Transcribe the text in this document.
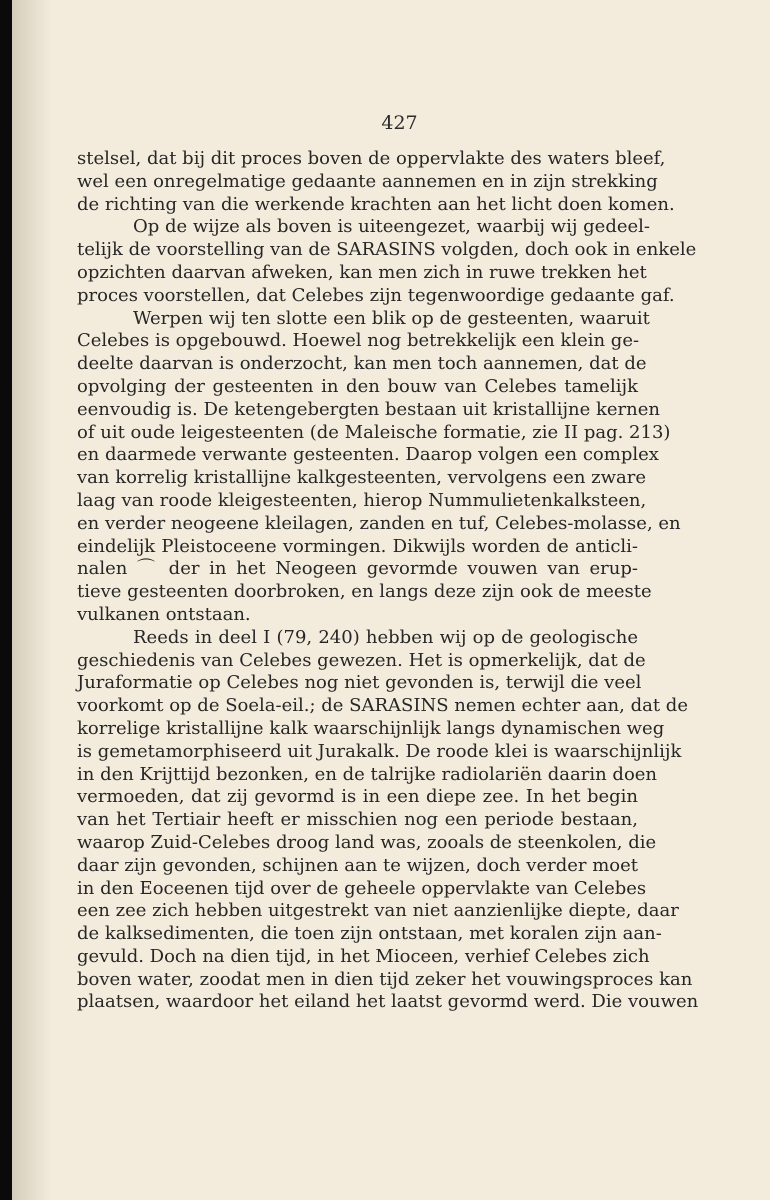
427
stelsel, dat bij dit proces boven de oppervlakte des waters bleef,
wel een onregelmatige gedaante aannemen en in zijn strekking
de richting van die werkende krachten aan het licht doen komen.
Op de wijze als boven is uiteengezet, waarbij wij gedeel-
telijk de voorstelling van de SARASINS volgden, doch ook in enkele
opzichten daarvan afweken, kan men zich in ruwe trekken het
proces voorstellen, dat Celebes zijn tegenwoordige gedaante gaf.
Werpen wij ten slotte een blik op de gesteenten, waaruit
Celebes is opgebouwd. Hoewel nog betrekkelijk een klein ge-
deelte daarvan is onderzocht, kan men toch aannemen, dat de
opvolging der gesteenten in den bouw van Celebes tamelijk
eenvoudig is. De ketengebergten bestaan uit kristallijne kernen
of uit oude leigesteenten (de Maleische formatie, zie II pag. 213)
en daarmede verwante gesteenten. Daarop volgen een complex
van korrelig kristallijne kalkgesteenten, vervolgens een zware
laag van roode kleigesteenten, hierop Nummulietenkalksteen,
en verder neogeene kleilagen, zanden en tuf, Celebes-molasse, en
eindelijk Pleistoceene vormingen. Dikwijls worden de anticli-
nalen ⌒ der in het Neogeen gevormde vouwen van erup-
tieve gesteenten doorbroken, en langs deze zijn ook de meeste
vulkanen ontstaan.
Reeds in deel I (79, 240) hebben wij op de geologische
geschiedenis van Celebes gewezen. Het is opmerkelijk, dat de
Juraformatie op Celebes nog niet gevonden is, terwijl die veel
voorkomt op de Soela-eil.; de SARASINS nemen echter aan, dat de
korrelige kristallijne kalk waarschijnlijk langs dynamischen weg
is gemetamorphiseerd uit Jurakalk. De roode klei is waarschijnlijk
in den Krijttijd bezonken, en de talrijke radiolariën daarin doen
vermoeden, dat zij gevormd is in een diepe zee. In het begin
van het Tertiair heeft er misschien nog een periode bestaan,
waarop Zuid-Celebes droog land was, zooals de steenkolen, die
daar zijn gevonden, schijnen aan te wijzen, doch verder moet
in den Eoceenen tijd over de geheele oppervlakte van Celebes
een zee zich hebben uitgestrekt van niet aanzienlijke diepte, daar
de kalksedimenten, die toen zijn ontstaan, met koralen zijn aan-
gevuld. Doch na dien tijd, in het Mioceen, verhief Celebes zich
boven water, zoodat men in dien tijd zeker het vouwingsproces kan
plaatsen, waardoor het eiland het laatst gevormd werd. Die vouwen
